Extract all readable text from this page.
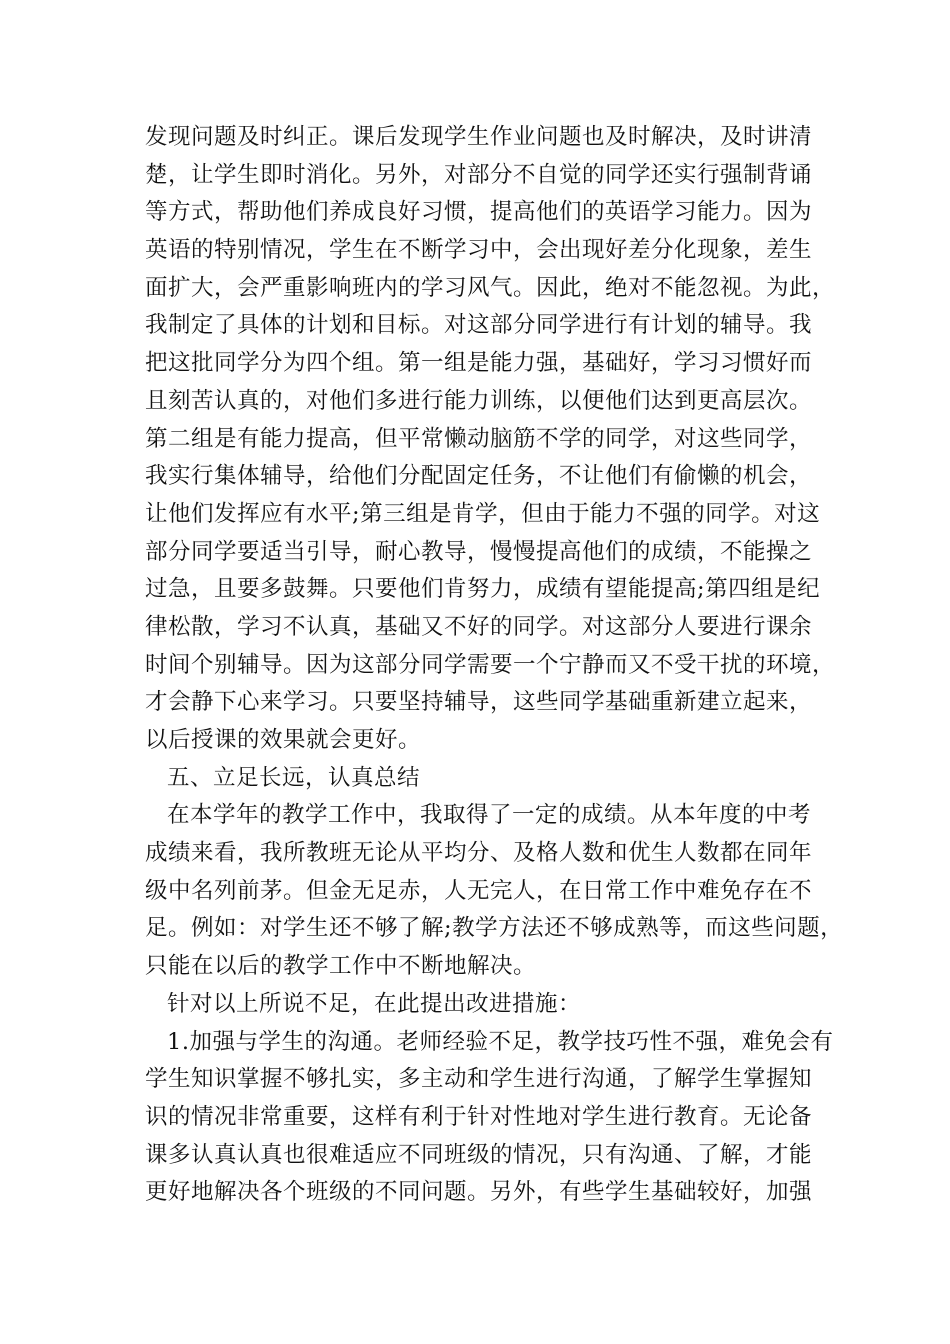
发现问题及时纠正。课后发现学生作业问题也及时解决，及时讲清
楚，让学生即时消化。另外，对部分不自觉的同学还实行强制背诵
等方式，帮助他们养成良好习惯，提高他们的英语学习能力。因为
英语的特别情况，学生在不断学习中，会出现好差分化现象，差生
面扩大，会严重影响班内的学习风气。因此，绝对不能忽视。为此，
我制定了具体的计划和目标。对这部分同学进行有计划的辅导。我
把这批同学分为四个组。第一组是能力强，基础好，学习习惯好而
且刻苦认真的，对他们多进行能力训练，以便他们达到更高层次。
第二组是有能力提高，但平常懒动脑筋不学的同学，对这些同学，
我实行集体辅导，给他们分配固定任务，不让他们有偷懒的机会，
让他们发挥应有水平;第三组是肯学，但由于能力不强的同学。对这
部分同学要适当引导，耐心教导，慢慢提高他们的成绩，不能操之
过急，且要多鼓舞。只要他们肯努力，成绩有望能提高;第四组是纪
律松散，学习不认真，基础又不好的同学。对这部分人要进行课余
时间个别辅导。因为这部分同学需要一个宁静而又不受干扰的环境，
才会静下心来学习。只要坚持辅导，这些同学基础重新建立起来，
以后授课的效果就会更好。
五、立足长远，认真总结
在本学年的教学工作中，我取得了一定的成绩。从本年度的中考
成绩来看，我所教班无论从平均分、及格人数和优生人数都在同年
级中名列前茅。但金无足赤，人无完人，在日常工作中难免存在不
足。例如：对学生还不够了解;教学方法还不够成熟等，而这些问题，
只能在以后的教学工作中不断地解决。
针对以上所说不足，在此提出改进措施：
1.加强与学生的沟通。老师经验不足，教学技巧性不强，难免会有
学生知识掌握不够扎实，多主动和学生进行沟通，了解学生掌握知
识的情况非常重要，这样有利于针对性地对学生进行教育。无论备
课多认真认真也很难适应不同班级的情况，只有沟通、了解，才能
更好地解决各个班级的不同问题。另外，有些学生基础较好，加强
